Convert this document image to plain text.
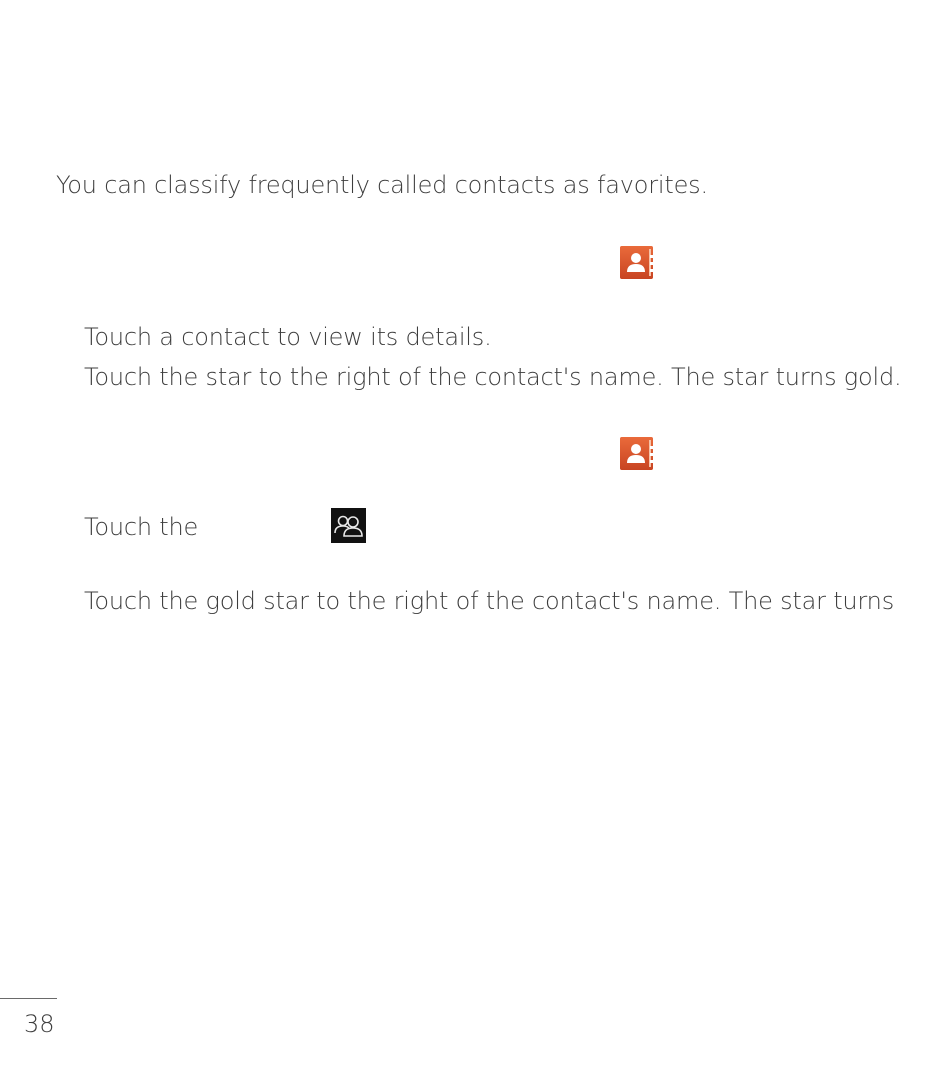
You can classify frequently called contacts as favorites.
Touch a contact to view its details.
Touch the star to the right of the contact's name. The star turns gold.
Touch the
Touch the gold star to the right of the contact's name. The star turns
38
